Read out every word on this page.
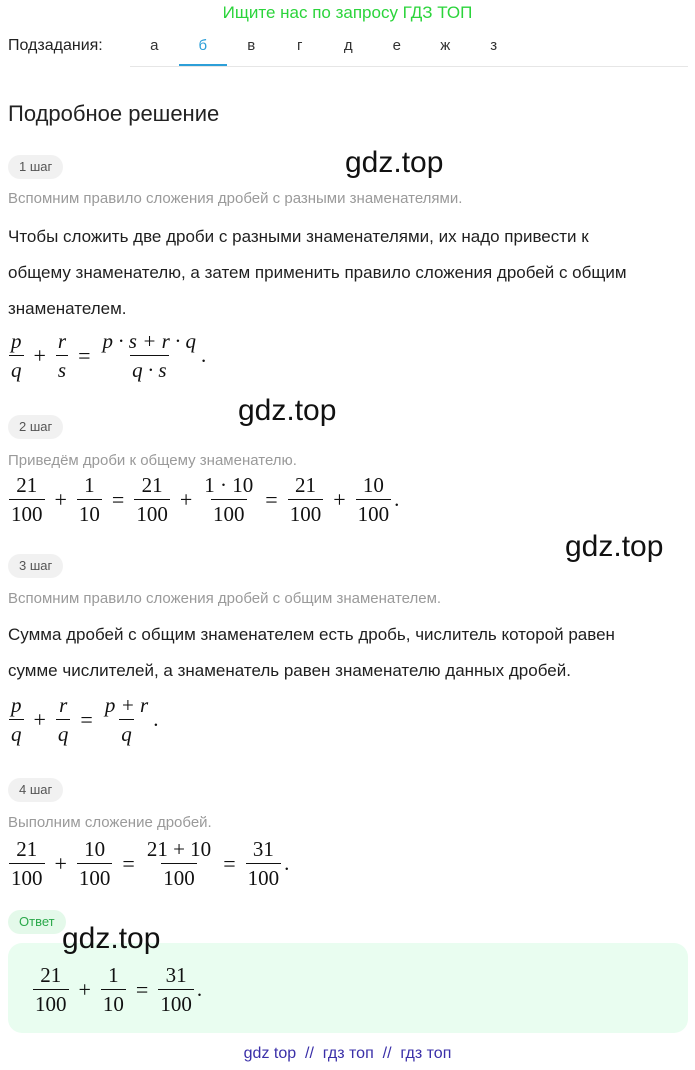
Ищите нас по запросу ГДЗ ТОП
Подзадания:	а	б	в	г	д	е	ж	з
Подробное решение
1 шаг	gdz.top
Вспомним правило сложения дробей с разными знаменателями.
Чтобы сложить две дроби с разными знаменателями, их надо привести к
общему знаменателю, а затем применить правило сложения дробей с общим
знаменателем.
$\frac{p}{q} + \frac{r}{s} = \frac{p \cdot s + r \cdot q}{q \cdot s}$ .
2 шаг	gdz.top
Приведём дроби к общему знаменателю.
$\frac{21}{100} + \frac{1}{10} = \frac{21}{100} + \frac{1 \cdot 10}{100} = \frac{21}{100} + \frac{10}{100}$ .
3 шаг
gdz.top
Вспомним правило сложения дробей с общим знаменателем.
Сумма дробей с общим знаменателем есть дробь, числитель которой равен
сумме числителей, а знаменатель равен знаменателю данных дробей.
$\frac{p}{q} + \frac{r}{q} = \frac{p + r}{q}$ .
4 шаг
Выполним сложение дробей.
$\frac{21}{100} + \frac{10}{100} = \frac{21 + 10}{100} = \frac{31}{100}$ .
Ответ
gdz.top
$\frac{21}{100} + \frac{1}{10} = \frac{31}{100}$ .
gdz top  //  гдз топ  //  гдз топ
